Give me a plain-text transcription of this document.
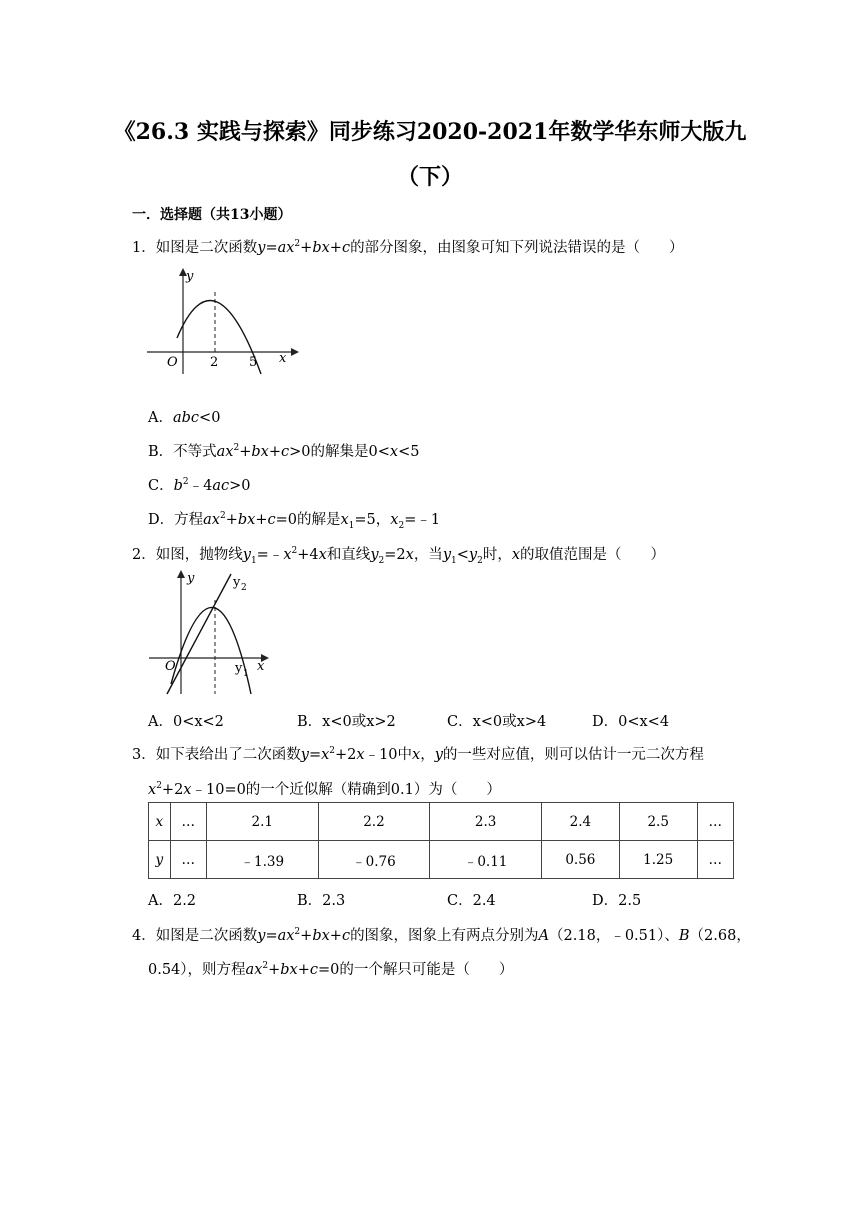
《26.3 实践与探索》同步练习2020-2021年数学华东师大版九
（下）
一．选择题（共13小题）
1．如图是二次函数$y=ax^2+bx+c$的部分图象，由图象可知下列说法错误的是（　　）
y
x
O 2 5
A．abc<0
B．不等式$ax^2+bx+c>0$的解集是0<x<5
C．$b^2﹣4ac>0$
D．方程$ax^2+bx+c=0$的解是$x_1=5$，$x_2=﹣1$
2．如图，抛物线$y_1=﹣x^2+4x$和直线$y_2=2x$，当$y_1<y_2$时，x的取值范围是（　　）
y
x
O
y 2
y 1
A．0<x<2	B．x<0或x>2	C．x<0或x>4	D．0<x<4
3．如下表给出了二次函数$y=x^2+2x﹣10$中x，y的一些对应值，则可以估计一元二次方程
$x^2+2x﹣10=0$的一个近似解（精确到0.1）为（　　）
x	…	2.1	2.2	2.3	2.4	2.5	…
y	…	﹣1.39	﹣0.76	﹣0.11	0.56	1.25	…
A．2.2	B．2.3	C．2.4	D．2.5
4．如图是二次函数$y=ax^2+bx+c$的图象，图象上有两点分别为A（2.18，﹣0.51）、B（2.68，
0.54），则方程$ax^2+bx+c=0$的一个解只可能是（　　）
